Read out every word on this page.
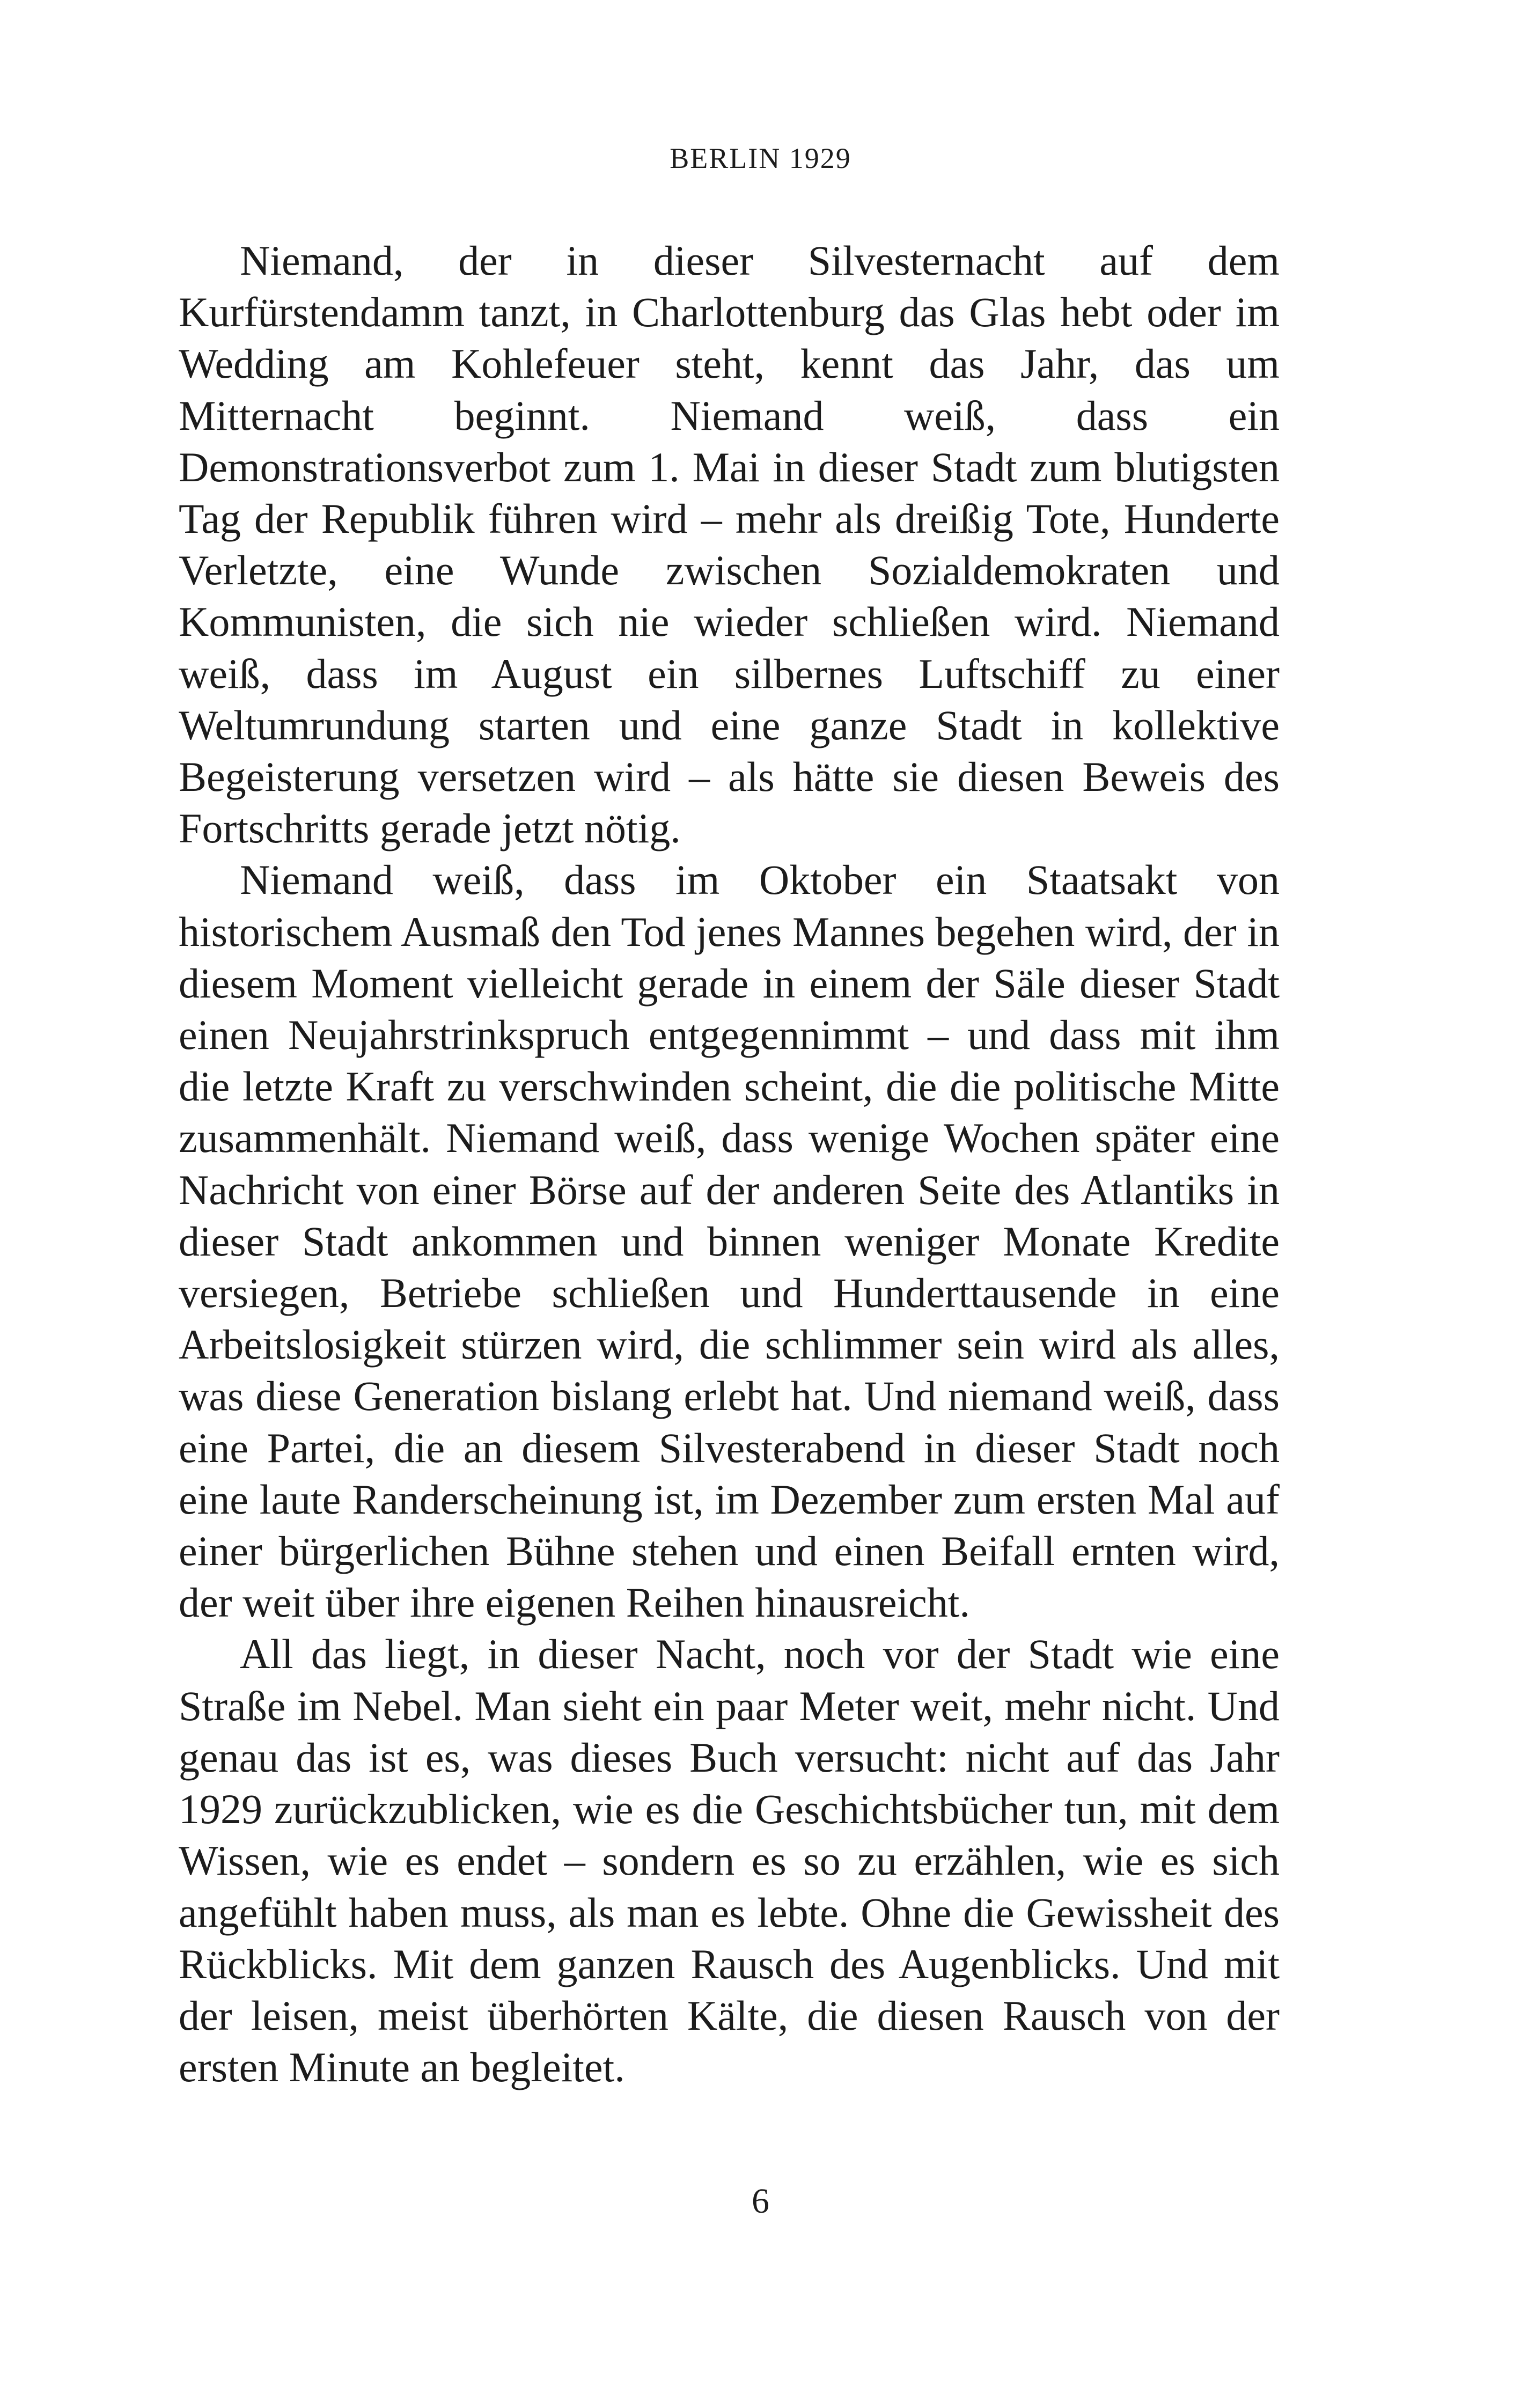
BERLIN 1929

Niemand, der in dieser Silvesternacht auf dem Kurfürstendamm tanzt, in Charlottenburg das Glas hebt oder im Wedding am Kohlefeuer steht, kennt das Jahr, das um Mitternacht beginnt. Niemand weiß, dass ein Demonstrationsverbot zum 1. Mai in dieser Stadt zum blutigsten Tag der Republik führen wird – mehr als dreißig Tote, Hunderte Verletzte, eine Wunde zwischen Sozialdemokraten und Kommunisten, die sich nie wieder schließen wird. Niemand weiß, dass im August ein silbernes Luftschiff zu einer Weltumrundung starten und eine ganze Stadt in kollektive Begeisterung versetzen wird – als hätte sie diesen Beweis des Fortschritts gerade jetzt nötig.

Niemand weiß, dass im Oktober ein Staatsakt von historischem Ausmaß den Tod jenes Mannes begehen wird, der in diesem Moment vielleicht gerade in einem der Säle dieser Stadt einen Neujahrstrinkspruch entgegennimmt – und dass mit ihm die letzte Kraft zu verschwinden scheint, die die politische Mitte zusammenhält. Niemand weiß, dass wenige Wochen später eine Nachricht von einer Börse auf der anderen Seite des Atlantiks in dieser Stadt ankommen und binnen weniger Monate Kredite versiegen, Betriebe schließen und Hunderttausende in eine Arbeitslosigkeit stürzen wird, die schlimmer sein wird als alles, was diese Generation bislang erlebt hat. Und niemand weiß, dass eine Partei, die an diesem Silvesterabend in dieser Stadt noch eine laute Randerscheinung ist, im Dezember zum ersten Mal auf einer bürgerlichen Bühne stehen und einen Beifall ernten wird, der weit über ihre eigenen Reihen hinausreicht.

All das liegt, in dieser Nacht, noch vor der Stadt wie eine Straße im Nebel. Man sieht ein paar Meter weit, mehr nicht. Und genau das ist es, was dieses Buch versucht: nicht auf das Jahr 1929 zurückzublicken, wie es die Geschichtsbücher tun, mit dem Wissen, wie es endet – sondern es so zu erzählen, wie es sich angefühlt haben muss, als man es lebte. Ohne die Gewissheit des Rückblicks. Mit dem ganzen Rausch des Augenblicks. Und mit der leisen, meist überhörten Kälte, die diesen Rausch von der ersten Minute an begleitet.

6
